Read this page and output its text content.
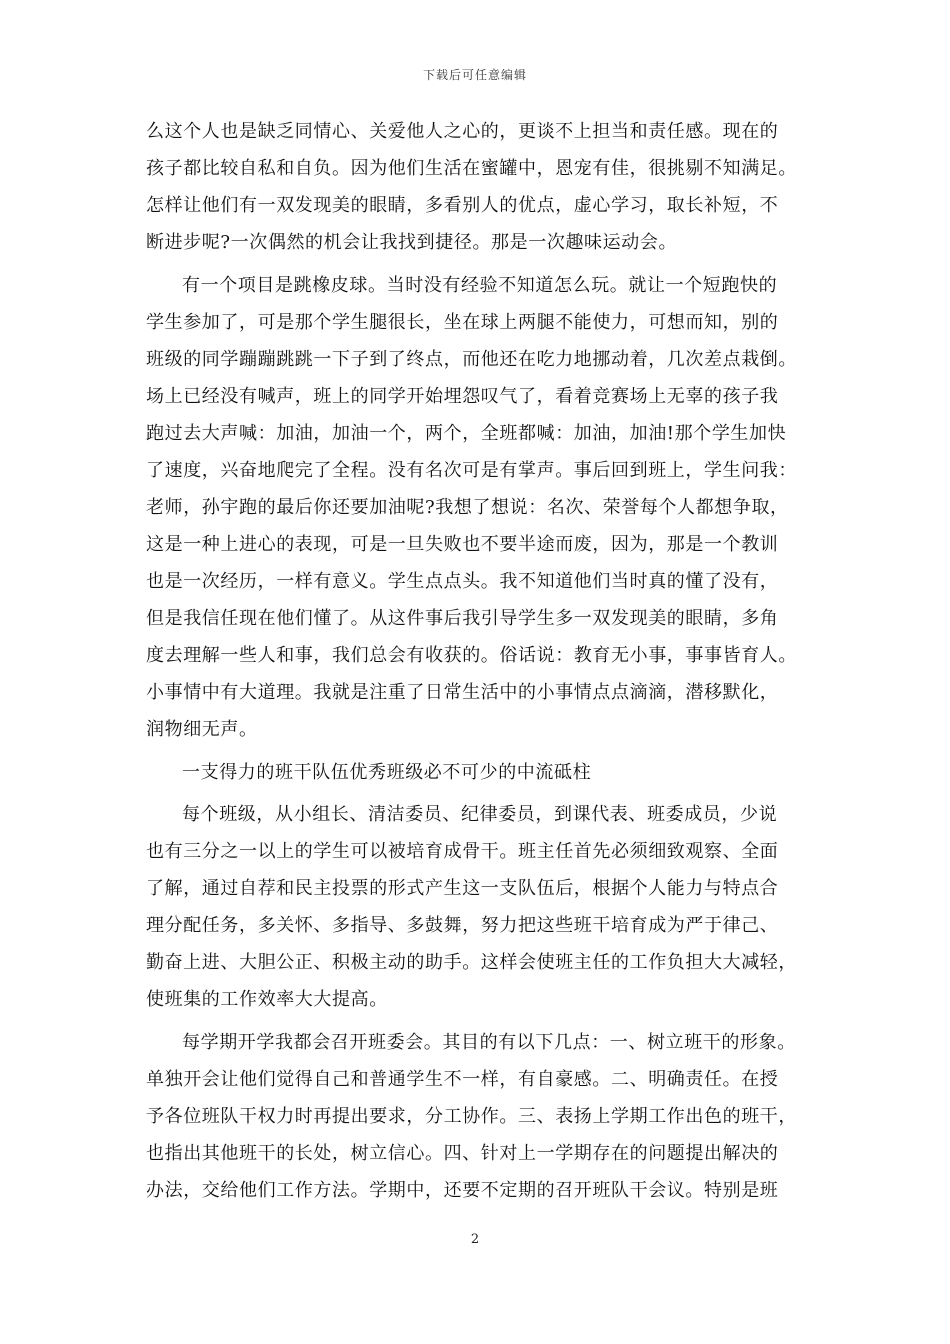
下载后可任意编辑
么这个人也是缺乏同情心、关爱他人之心的，更谈不上担当和责任感。现在的
孩子都比较自私和自负。因为他们生活在蜜罐中，恩宠有佳，很挑剔不知满足。
怎样让他们有一双发现美的眼睛，多看别人的优点，虚心学习，取长补短，不
断进步呢?一次偶然的机会让我找到捷径。那是一次趣味运动会。
有一个项目是跳橡皮球。当时没有经验不知道怎么玩。就让一个短跑快的
学生参加了，可是那个学生腿很长，坐在球上两腿不能使力，可想而知，别的
班级的同学蹦蹦跳跳一下子到了终点，而他还在吃力地挪动着，几次差点栽倒。
场上已经没有喊声，班上的同学开始埋怨叹气了，看着竞赛场上无辜的孩子我
跑过去大声喊：加油，加油一个，两个，全班都喊：加油，加油!那个学生加快
了速度，兴奋地爬完了全程。没有名次可是有掌声。事后回到班上，学生问我：
老师，孙宇跑的最后你还要加油呢?我想了想说：名次、荣誉每个人都想争取，
这是一种上进心的表现，可是一旦失败也不要半途而废，因为，那是一个教训
也是一次经历，一样有意义。学生点点头。我不知道他们当时真的懂了没有，
但是我信任现在他们懂了。从这件事后我引导学生多一双发现美的眼睛，多角
度去理解一些人和事，我们总会有收获的。俗话说：教育无小事，事事皆育人。
小事情中有大道理。我就是注重了日常生活中的小事情点点滴滴，潜移默化，
润物细无声。
一支得力的班干队伍优秀班级必不可少的中流砥柱
每个班级，从小组长、清洁委员、纪律委员，到课代表、班委成员，少说
也有三分之一以上的学生可以被培育成骨干。班主任首先必须细致观察、全面
了解，通过自荐和民主投票的形式产生这一支队伍后，根据个人能力与特点合
理分配任务，多关怀、多指导、多鼓舞，努力把这些班干培育成为严于律己、
勤奋上进、大胆公正、积极主动的助手。这样会使班主任的工作负担大大减轻，
使班集的工作效率大大提高。
每学期开学我都会召开班委会。其目的有以下几点：一、树立班干的形象。
单独开会让他们觉得自己和普通学生不一样，有自豪感。二、明确责任。在授
予各位班队干权力时再提出要求，分工协作。三、表扬上学期工作出色的班干，
也指出其他班干的长处，树立信心。四、针对上一学期存在的问题提出解决的
办法，交给他们工作方法。学期中，还要不定期的召开班队干会议。特别是班
2
